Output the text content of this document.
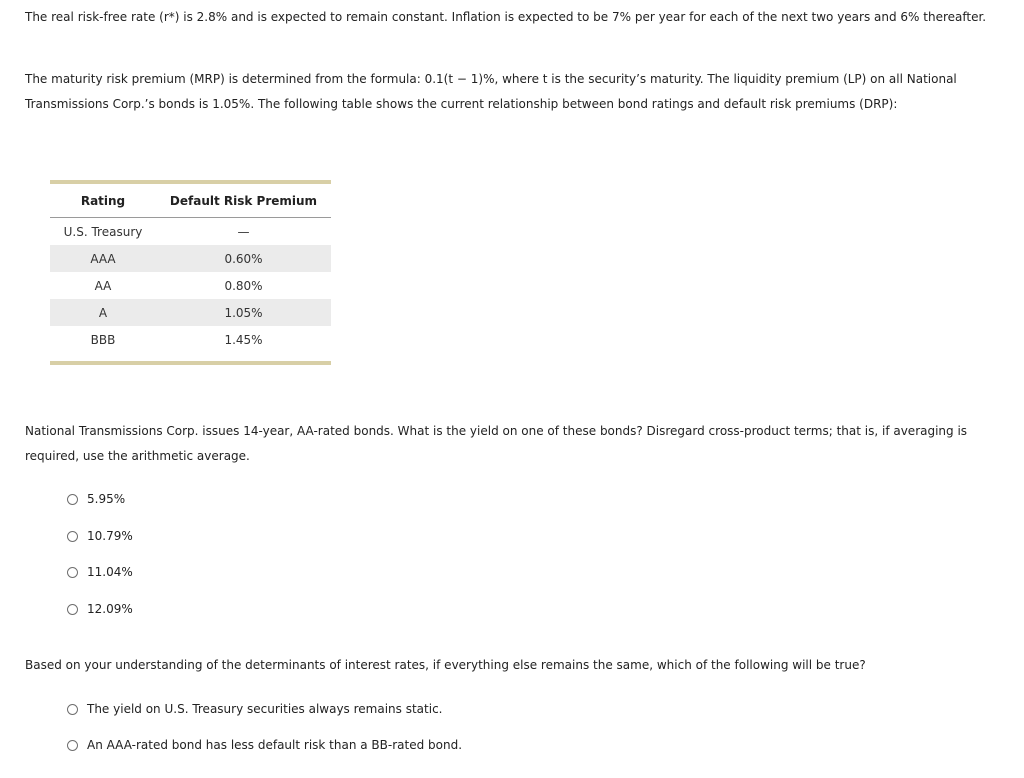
The real risk-free rate (r*) is 2.8% and is expected to remain constant. Inflation is expected to be 7% per year for each of the next two years and 6% thereafter.

The maturity risk premium (MRP) is determined from the formula: 0.1(t − 1)%, where t is the security’s maturity. The liquidity premium (LP) on all National Transmissions Corp.’s bonds is 1.05%. The following table shows the current relationship between bond ratings and default risk premiums (DRP):

Rating	Default Risk Premium
U.S. Treasury	—
AAA	0.60%
AA	0.80%
A	1.05%
BBB	1.45%

National Transmissions Corp. issues 14-year, AA-rated bonds. What is the yield on one of these bonds? Disregard cross-product terms; that is, if averaging is required, use the arithmetic average.

5.95%
10.79%
11.04%
12.09%

Based on your understanding of the determinants of interest rates, if everything else remains the same, which of the following will be true?

The yield on U.S. Treasury securities always remains static.
An AAA-rated bond has less default risk than a BB-rated bond.
